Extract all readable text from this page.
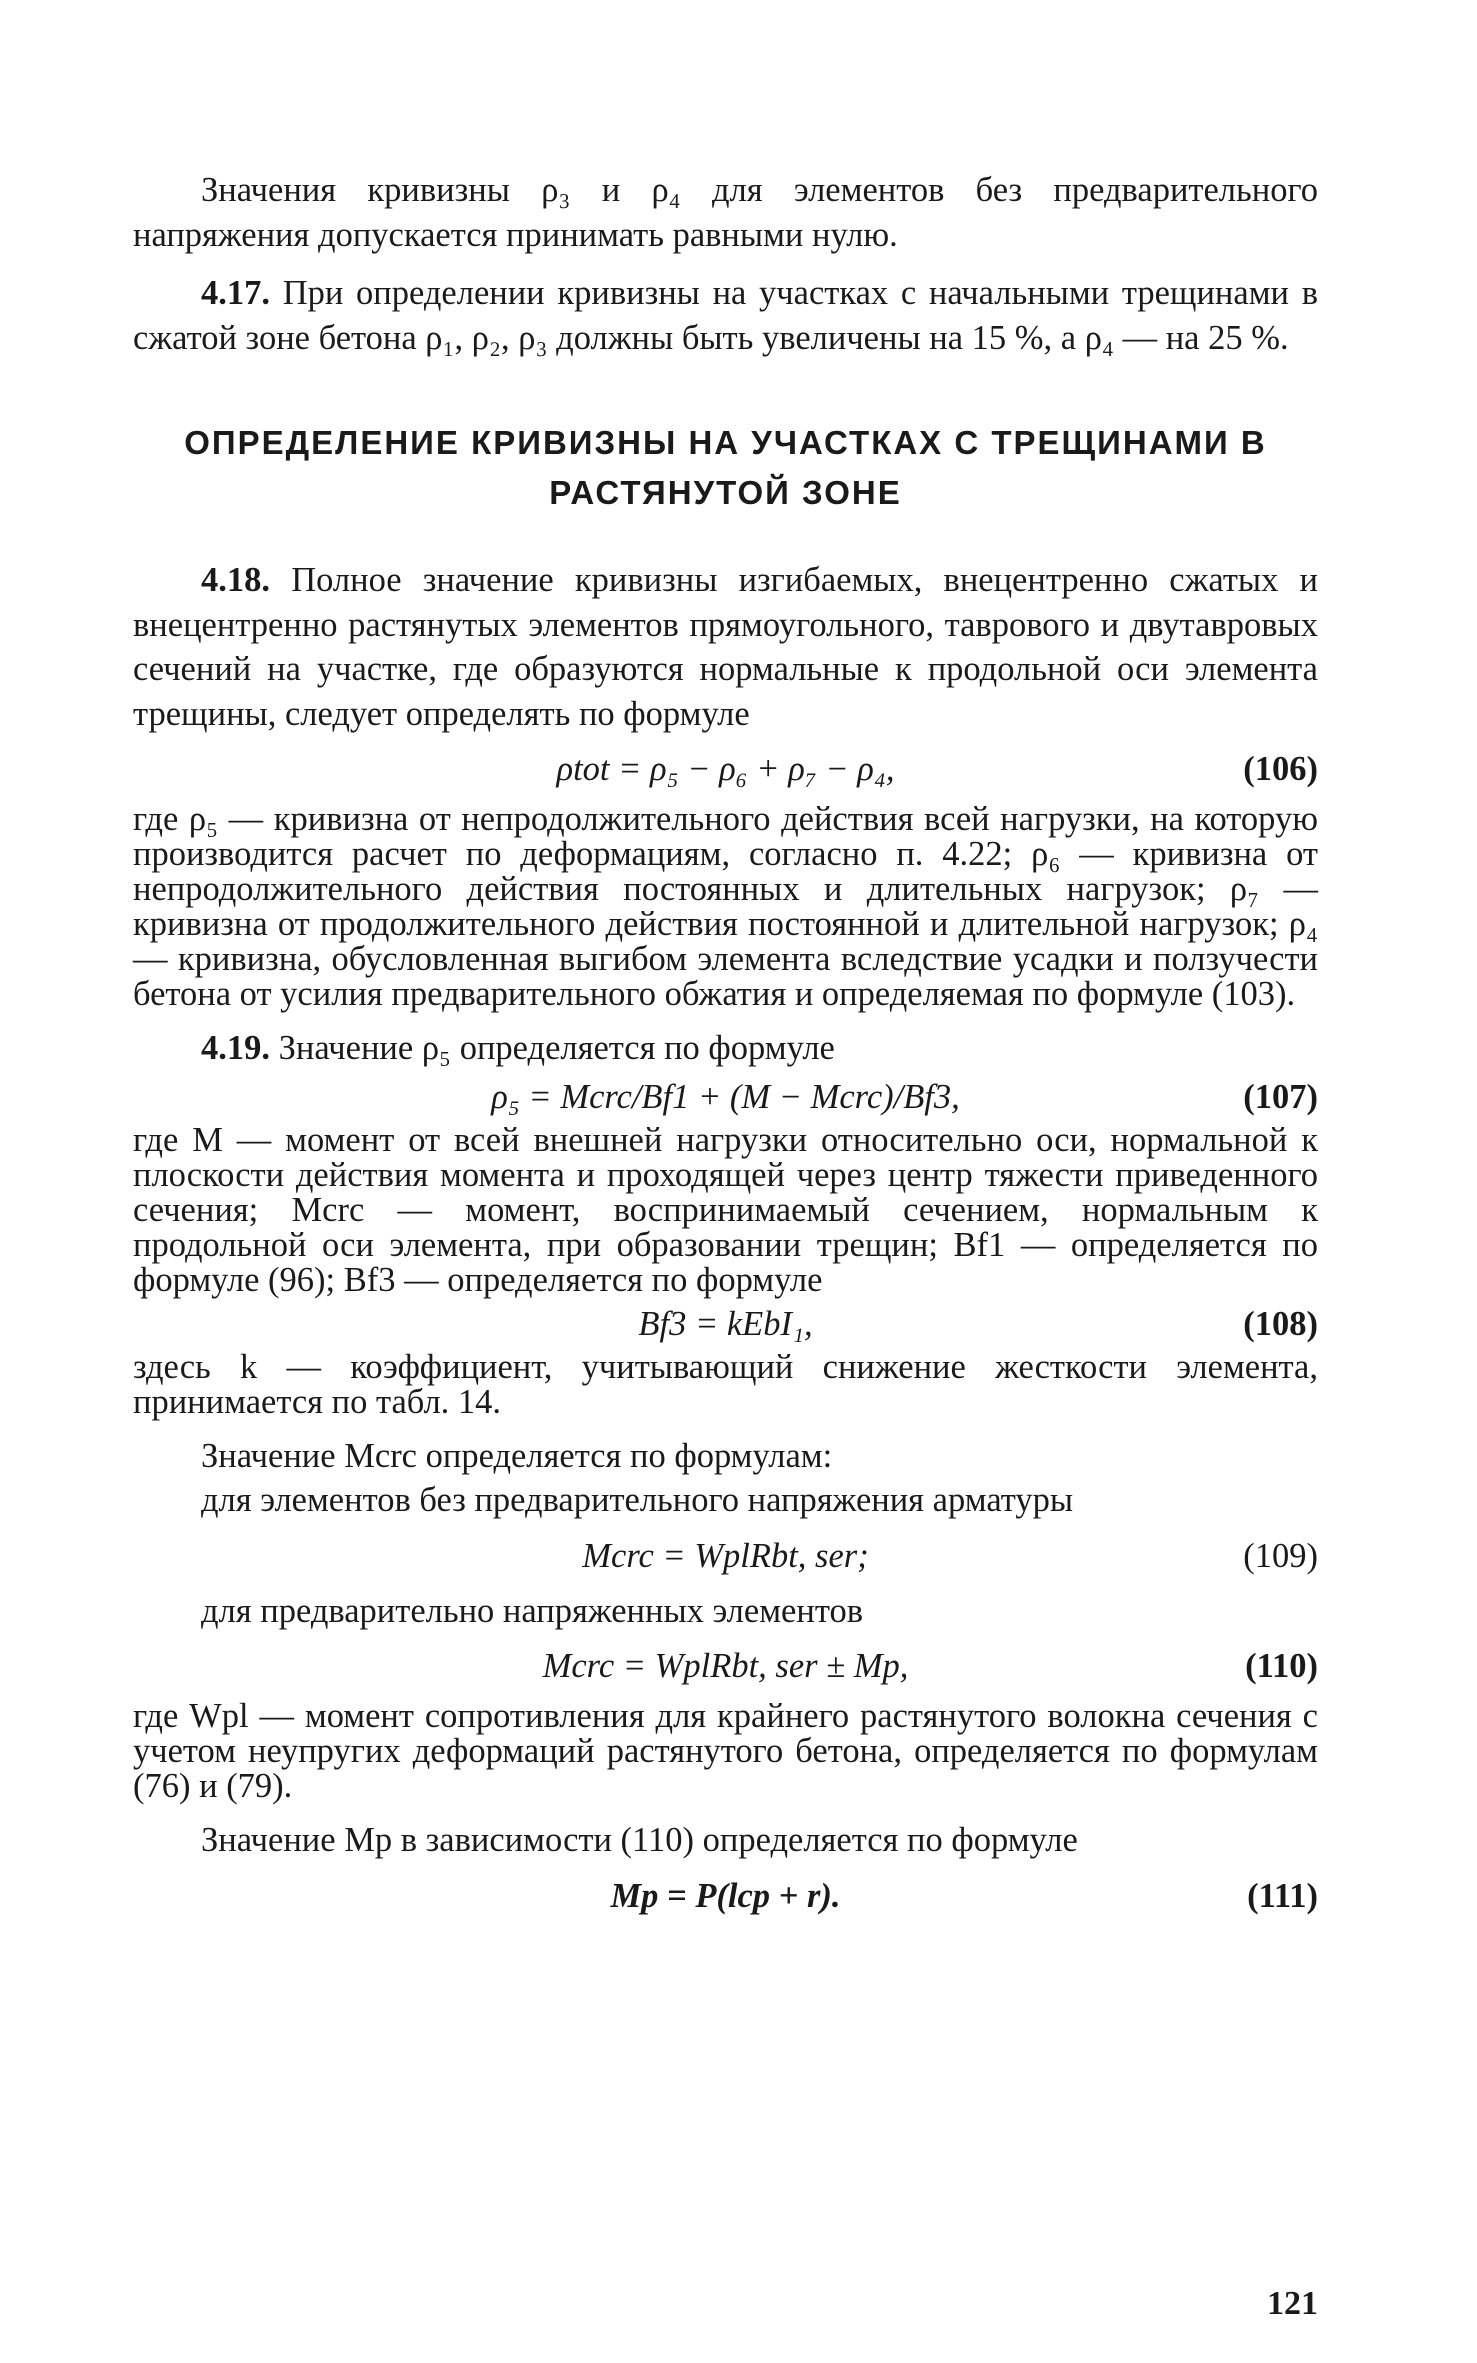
Значения кривизны ρ₃ и ρ₄ для элементов без предварительного напряжения допускается принимать равными нулю.

4.17. При определении кривизны на участках с начальными трещинами в сжатой зоне бетона ρ₁, ρ₂, ρ₃ должны быть увеличены на 15 %, а ρ₄ — на 25 %.

ОПРЕДЕЛЕНИЕ КРИВИЗНЫ НА УЧАСТКАХ С ТРЕЩИНАМИ В РАСТЯНУТОЙ ЗОНЕ

4.18. Полное значение кривизны изгибаемых, внецентренно сжатых и внецентренно растянутых элементов прямоугольного, таврового и двутавровых сечений на участке, где образуются нормальные к продольной оси элемента трещины, следует определять по формуле

ρtot = ρ₅ − ρ₆ + ρ₇ − ρ₄,	(106)

где ρ₅ — кривизна от непродолжительного действия всей нагрузки, на которую производится расчет по деформациям, согласно п. 4.22; ρ₆ — кривизна от непродолжительного действия постоянных и длительных нагрузок; ρ₇ — кривизна от продолжительного действия постоянной и длительной нагрузок; ρ₄ — кривизна, обусловленная выгибом элемента вследствие усадки и ползучести бетона от усилия предварительного обжатия и определяемая по формуле (103).

4.19. Значение ρ₅ определяется по формуле

ρ₅ = Mcrc/Bf1 + (M − Mcrc)/Bf3,	(107)

где M — момент от всей внешней нагрузки относительно оси, нормальной к плоскости действия момента и проходящей через центр тяжести приведенного сечения; Mcrc — момент, воспринимаемый сечением, нормальным к продольной оси элемента, при образовании трещин; Bf1 — определяется по формуле (96); Bf3 — определяется по формуле

Bf3 = kEbI₁,	(108)

здесь k — коэффициент, учитывающий снижение жесткости элемента, принимается по табл. 14.

Значение Mcrc определяется по формулам:

для элементов без предварительного напряжения арматуры

Mcrc = WplRbt, ser;	(109)

для предварительно напряженных элементов

Mcrc = WplRbt, ser ± Mp,	(110)

где Wpl — момент сопротивления для крайнего растянутого волокна сечения с учетом неупругих деформаций растянутого бетона, определяется по формулам (76) и (79).

Значение Mp в зависимости (110) определяется по формуле

Mp = P(lcp + r).	(111)
121
